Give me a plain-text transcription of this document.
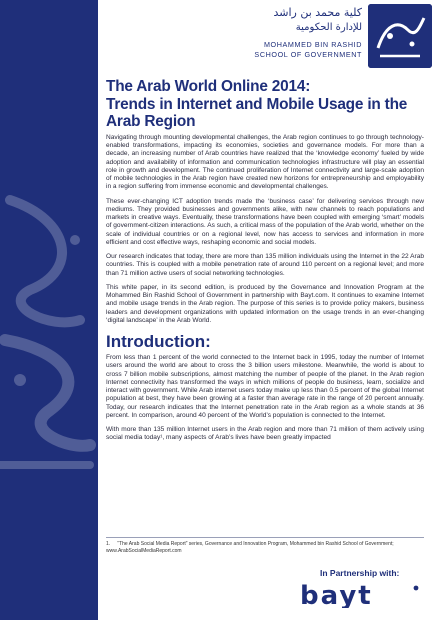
كلية محمد بن راشد
للإدارة الحكومية
MOHAMMED BIN RASHID
SCHOOL OF GOVERNMENT
The Arab World Online 2014:
Trends in Internet and Mobile Usage in the Arab Region

Navigating through mounting developmental challenges, the Arab region continues to go through technology-enabled transformations, impacting its economies, societies and governance models. For more than a decade, an increasing number of Arab countries have realized that the ‘knowledge economy’ fueled by wide adoption and availability of information and communication technologies infrastructure will play an essential role in growth and development. The continued proliferation of Internet connectivity and large-scale adoption of mobile technologies in the Arab region have created new horizons for entrepreneurship and employability in a region suffering from immense economic and developmental challenges.

These ever-changing ICT adoption trends made the ‘business case’ for delivering services through new mediums. They provided businesses and governments alike, with new channels to reach populations and markets in creative ways. Eventually, these transformations have been coupled with emerging ‘smart’ models of government-citizen interactions. As such, a critical mass of the population of the Arab world, whether on the scale of individual countries or on a regional level, now has access to services and information in more efficient and cost effective ways, reshaping economic and social models.

Our research indicates that today, there are more than 135 million individuals using the Internet in the 22 Arab countries. This is coupled with a mobile penetration rate of around 110 percent on a regional level; and more than 71 million active users of social networking technologies.

This white paper, in its second edition, is produced by the Governance and Innovation Program at the Mohammed Bin Rashid School of Government in partnership with Bayt.com. It continues to examine Internet and mobile usage trends in the Arab region. The purpose of this series is to provide policy makers, business leaders and development organizations with updated information on the usage trends in an ever-changing ‘digital landscape’ in the Arab World.

Introduction:

From less than 1 percent of the world connected to the Internet back in 1995, today the number of Internet users around the world are about to cross the 3 billion users milestone. Meanwhile, the world is about to cross 7 billion mobile subscriptions, almost matching the number of people of the planet. In the Arab region Internet connectivity has transformed the ways in which millions of people do business, learn, socialize and interact with government. While Arab internet users today make up less than 0.5 percent of the global Internet population at best, they have been growing at a faster than average rate in the range of 20 percent annually. Today, our research indicates that the Internet penetration rate in the Arab region as a whole stands at 36 percent. In comparison, around 40 percent of the World’s population is connected to the Internet.

With more than 135 million Internet users in the Arab region and more than 71 million of them actively using social media today¹, many aspects of Arab’s lives have been greatly impacted

1. “The Arab Social Media Report” series, Governance and Innovation Program, Mohammed bin Rashid School of Government; www.ArabSocialMediaReport.com
In Partnership with:
bayt
